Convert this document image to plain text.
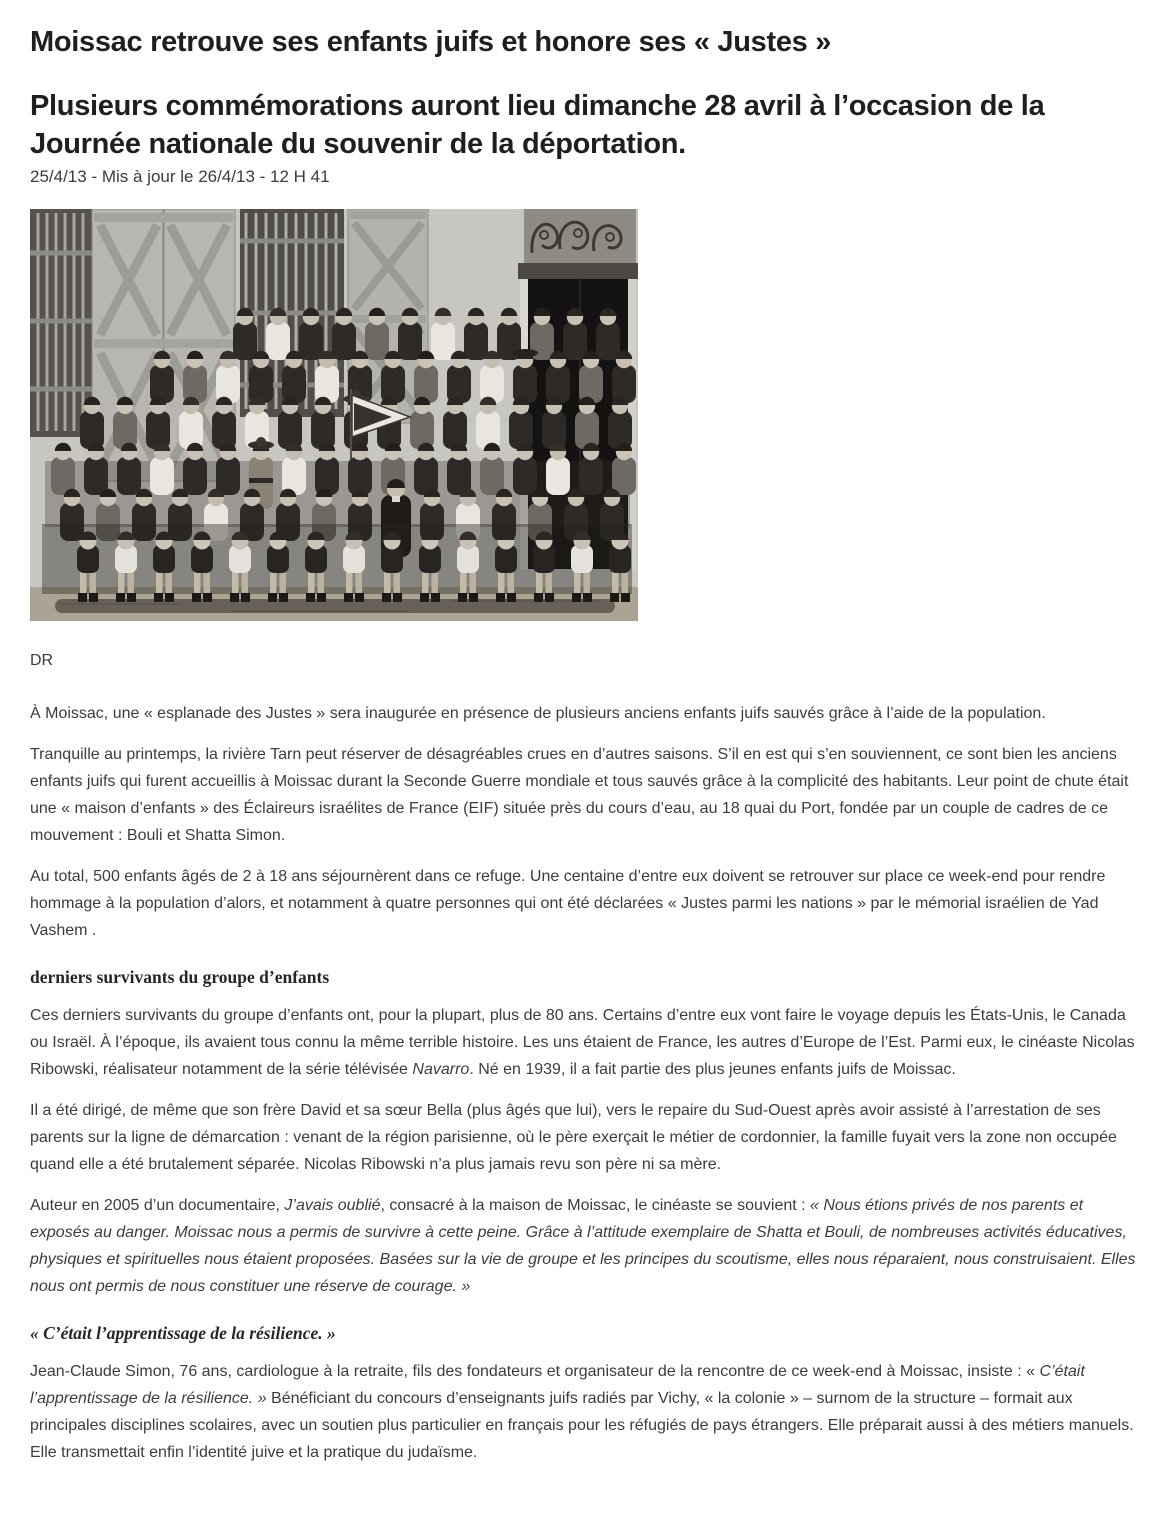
Moissac retrouve ses enfants juifs et honore ses « Justes »
Plusieurs commémorations auront lieu dimanche 28 avril à l’occasion de la Journée nationale du souvenir de la déportation.
25/4/13 - Mis à jour le 26/4/13 - 12 H 41
DR

À Moissac, une « esplanade des Justes » sera inaugurée en présence de plusieurs anciens enfants juifs sauvés grâce à l’aide de la population.

Tranquille au printemps, la rivière Tarn peut réserver de désagréables crues en d’autres saisons. S’il en est qui s’en souviennent, ce sont bien les anciens enfants juifs qui furent accueillis à Moissac durant la Seconde Guerre mondiale et tous sauvés grâce à la complicité des habitants. Leur point de chute était une « maison d’enfants » des Éclaireurs israélites de France (EIF) située près du cours d’eau, au 18 quai du Port, fondée par un couple de cadres de ce mouvement : Bouli et Shatta Simon.

Au total, 500 enfants âgés de 2 à 18 ans séjournèrent dans ce refuge. Une centaine d’entre eux doivent se retrouver sur place ce week-end pour rendre hommage à la population d’alors, et notamment à quatre personnes qui ont été déclarées « Justes parmi les nations » par le mémorial israélien de Yad Vashem .

derniers survivants du groupe d’enfants

Ces derniers survivants du groupe d’enfants ont, pour la plupart, plus de 80 ans. Certains d’entre eux vont faire le voyage depuis les États-Unis, le Canada ou Israël. À l’époque, ils avaient tous connu la même terrible histoire. Les uns étaient de France, les autres d’Europe de l’Est. Parmi eux, le cinéaste Nicolas Ribowski, réalisateur notamment de la série télévisée Navarro. Né en 1939, il a fait partie des plus jeunes enfants juifs de Moissac.

Il a été dirigé, de même que son frère David et sa sœur Bella (plus âgés que lui), vers le repaire du Sud-Ouest après avoir assisté à l’arrestation de ses parents sur la ligne de démarcation : venant de la région parisienne, où le père exerçait le métier de cordonnier, la famille fuyait vers la zone non occupée quand elle a été brutalement séparée. Nicolas Ribowski n’a plus jamais revu son père ni sa mère.

Auteur en 2005 d’un documentaire, J’avais oublié, consacré à la maison de Moissac, le cinéaste se souvient : « Nous étions privés de nos parents et exposés au danger. Moissac nous a permis de survivre à cette peine. Grâce à l’attitude exemplaire de Shatta et Bouli, de nombreuses activités éducatives, physiques et spirituelles nous étaient proposées. Basées sur la vie de groupe et les principes du scoutisme, elles nous réparaient, nous construisaient. Elles nous ont permis de nous constituer une réserve de courage. »

« C’était l’apprentissage de la résilience. »

Jean-Claude Simon, 76 ans, cardiologue à la retraite, fils des fondateurs et organisateur de la rencontre de ce week-end à Moissac, insiste : « C’était l’apprentissage de la résilience. » Bénéficiant du concours d’enseignants juifs radiés par Vichy, « la colonie » – surnom de la structure – formait aux principales disciplines scolaires, avec un soutien plus particulier en français pour les réfugiés de pays étrangers. Elle préparait aussi à des métiers manuels. Elle transmettait enfin l’identité juive et la pratique du judaïsme.
